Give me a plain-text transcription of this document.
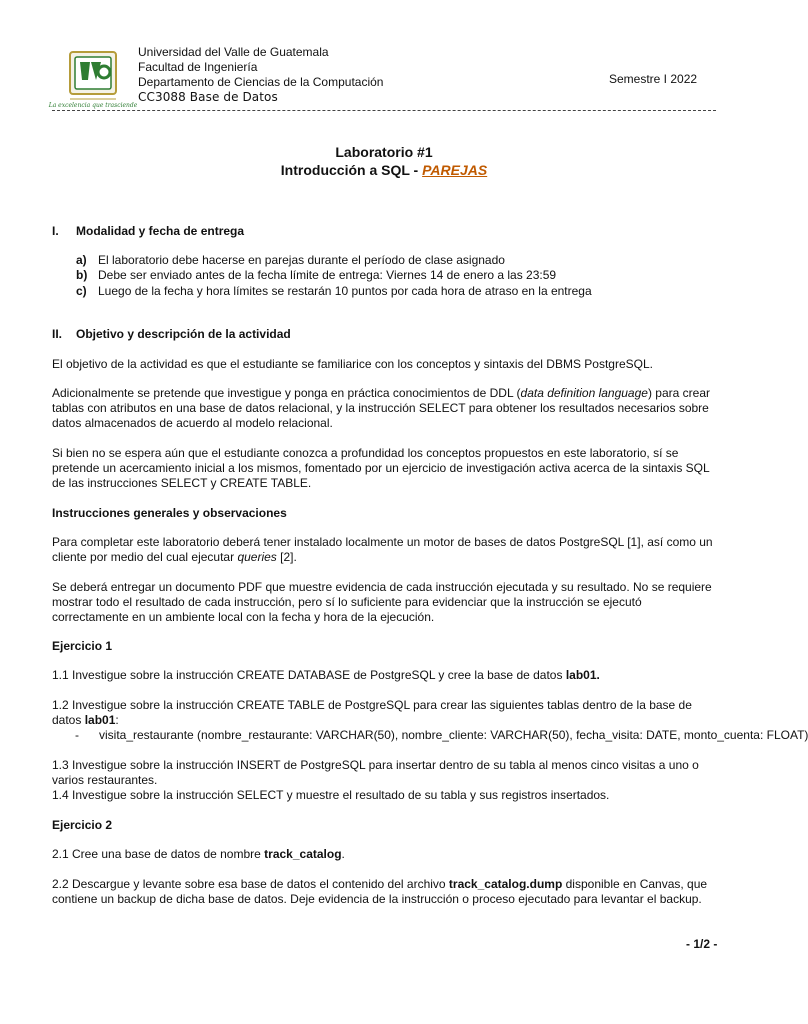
La excelencia que trasciende
Universidad del Valle de Guatemala
Facultad de Ingeniería
Departamento de Ciencias de la Computación
CC3088 Base de Datos
Semestre I 2022
Laboratorio #1
Introducción a SQL - PAREJAS
I. Modalidad y fecha de entrega
a) El laboratorio debe hacerse en parejas durante el período de clase asignado
b) Debe ser enviado antes de la fecha límite de entrega: Viernes 14 de enero a las 23:59
c) Luego de la fecha y hora límites se restarán 10 puntos por cada hora de atraso en la entrega
II. Objetivo y descripción de la actividad
El objetivo de la actividad es que el estudiante se familiarice con los conceptos y sintaxis del DBMS PostgreSQL.
Adicionalmente se pretende que investigue y ponga en práctica conocimientos de DDL (data definition language) para crear tablas con atributos en una base de datos relacional, y la instrucción SELECT para obtener los resultados necesarios sobre datos almacenados de acuerdo al modelo relacional.
Si bien no se espera aún que el estudiante conozca a profundidad los conceptos propuestos en este laboratorio, sí se pretende un acercamiento inicial a los mismos, fomentado por un ejercicio de investigación activa acerca de la sintaxis SQL de las instrucciones SELECT y CREATE TABLE.
Instrucciones generales y observaciones
Para completar este laboratorio deberá tener instalado localmente un motor de bases de datos PostgreSQL [1], así como un cliente por medio del cual ejecutar queries [2].
Se deberá entregar un documento PDF que muestre evidencia de cada instrucción ejecutada y su resultado. No se requiere mostrar todo el resultado de cada instrucción, pero sí lo suficiente para evidenciar que la instrucción se ejecutó correctamente en un ambiente local con la fecha y hora de la ejecución.
Ejercicio 1
1.1 Investigue sobre la instrucción CREATE DATABASE de PostgreSQL y cree la base de datos lab01.
1.2 Investigue sobre la instrucción CREATE TABLE de PostgreSQL para crear las siguientes tablas dentro de la base de datos lab01:
- visita_restaurante (nombre_restaurante: VARCHAR(50), nombre_cliente: VARCHAR(50), fecha_visita: DATE, monto_cuenta: FLOAT)
1.3 Investigue sobre la instrucción INSERT de PostgreSQL para insertar dentro de su tabla al menos cinco visitas a uno o varios restaurantes.
1.4 Investigue sobre la instrucción SELECT y muestre el resultado de su tabla y sus registros insertados.
Ejercicio 2
2.1 Cree una base de datos de nombre track_catalog.
2.2 Descargue y levante sobre esa base de datos el contenido del archivo track_catalog.dump disponible en Canvas, que contiene un backup de dicha base de datos. Deje evidencia de la instrucción o proceso ejecutado para levantar el backup.
- 1/2 -
